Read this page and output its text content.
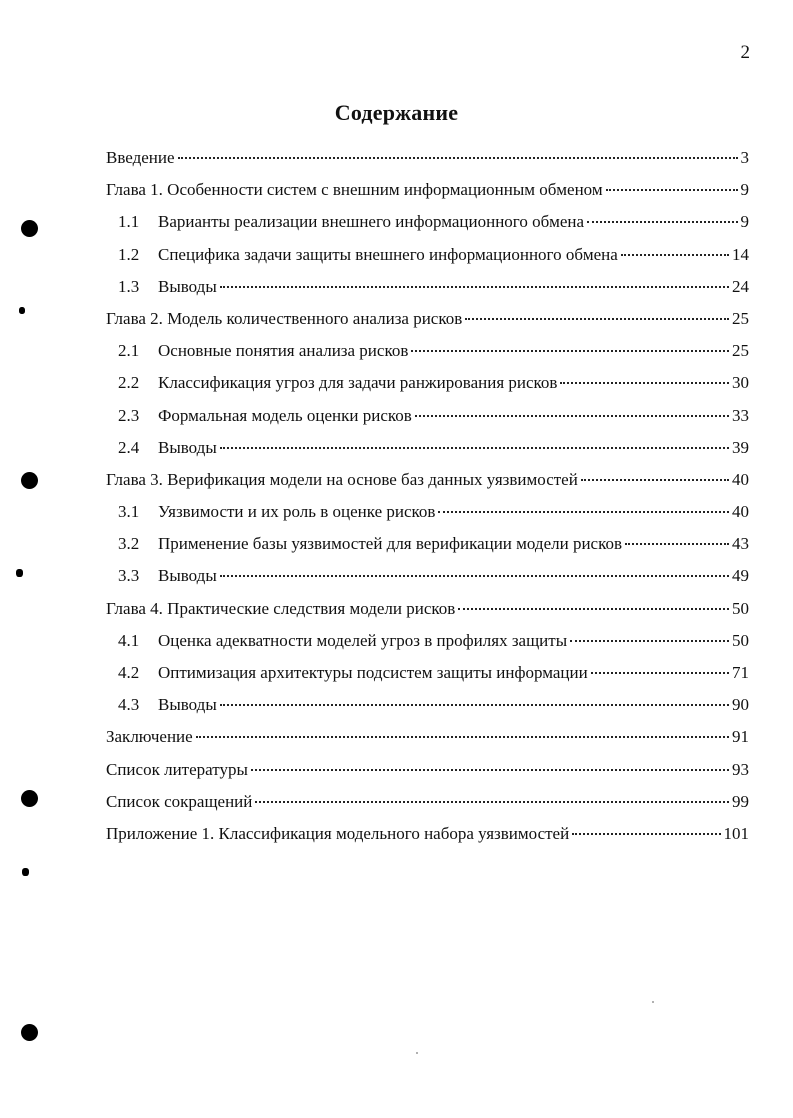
2
Содержание
Введение	3
Глава 1. Особенности систем с внешним информационным обменом	9
1.1	Варианты реализации внешнего информационного обмена	9
1.2	Специфика задачи защиты внешнего информационного обмена	14
1.3	Выводы	24
Глава 2. Модель количественного анализа рисков	25
2.1	Основные понятия анализа рисков	25
2.2	Классификация угроз для задачи ранжирования рисков	30
2.3	Формальная модель оценки рисков	33
2.4	Выводы	39
Глава 3. Верификация модели на основе баз данных уязвимостей	40
3.1	Уязвимости и их роль в оценке рисков	40
3.2	Применение базы уязвимостей для верификации модели рисков	43
3.3	Выводы	49
Глава 4. Практические следствия модели рисков	50
4.1	Оценка адекватности моделей угроз в профилях защиты	50
4.2	Оптимизация архитектуры подсистем защиты информации	71
4.3	Выводы	90
Заключение	91
Список литературы	93
Список сокращений	99
Приложение 1. Классификация модельного набора уязвимостей	101
